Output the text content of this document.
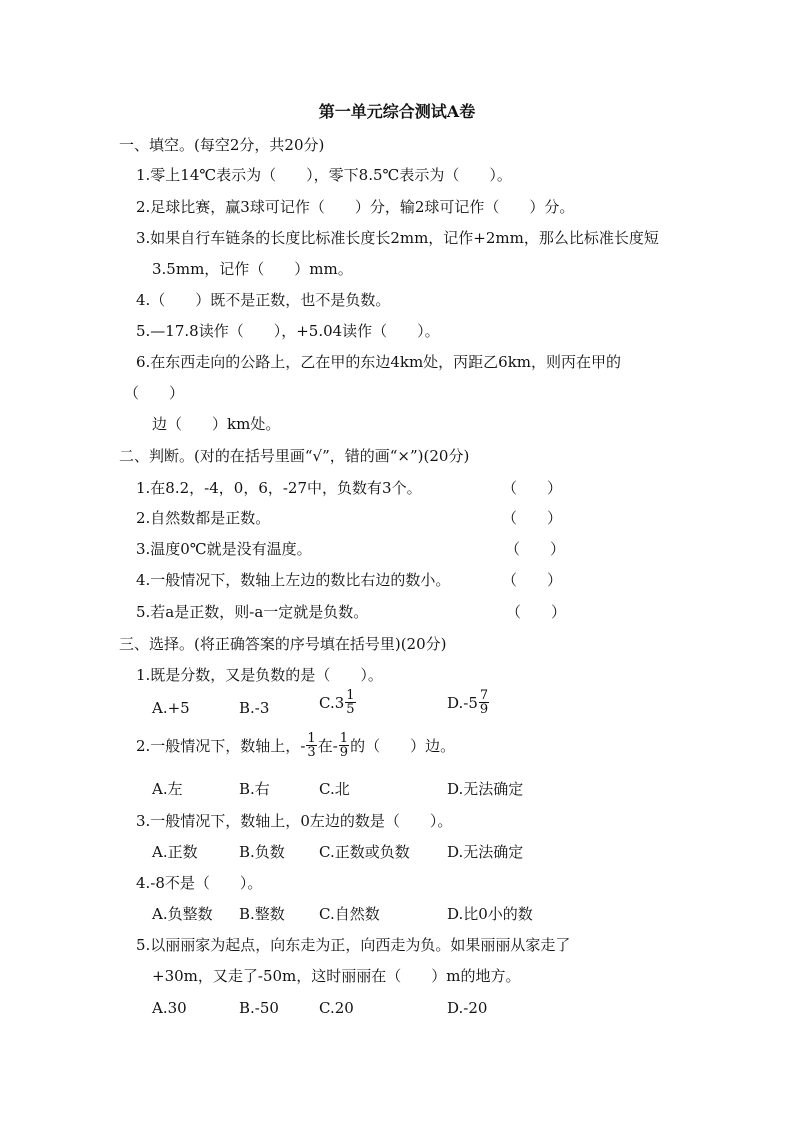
第一单元综合测试A卷
一、填空。(每空2分，共20分)
1.零上14℃表示为（　　），零下8.5℃表示为（　　）。
2.足球比赛，赢3球可记作（　　）分，输2球可记作（　　）分。
3.如果自行车链条的长度比标准长度长2mm，记作+2mm，那么比标准长度短
3.5mm，记作（　　）mm。
4.（　　）既不是正数，也不是负数。
5.—17.8读作（　　），+5.04读作（　　）。
6.在东西走向的公路上，乙在甲的东边4km处，丙距乙6km，则丙在甲的
（　　）
边（　　）km处。
二、判断。(对的在括号里画“√”，错的画“×”)(20分)
1.在8.2，-4，0，6，-27中，负数有3个。	（　　）
2.自然数都是正数。	（　　）
3.温度0℃就是没有温度。	（　　）
4.一般情况下，数轴上左边的数比右边的数小。	（　　）
5.若a是正数，则-a一定就是负数。	（　　）
三、选择。(将正确答案的序号填在括号里)(20分)
1.既是分数，又是负数的是（　　）。
A.+5	B.-3	C. $3 \frac{1}{5}$	D. $-5 \frac{7}{9}$
2.一般情况下，数轴上， - $\frac{1}{3}$ 在 - $\frac{1}{9}$ 的（　　）边。
A.左	B.右	C.北	D.无法确定
3.一般情况下，数轴上，0左边的数是（　　）。
A.正数	B.负数 C.正数或负数 D.无法确定
4.-8不是（　　）。
A.负整数 B.整数 C.自然数	D.比0小的数
5.以丽丽家为起点，向东走为正，向西走为负。如果丽丽从家走了
+30m，又走了-50m，这时丽丽在（　　）m的地方。
A.30	B.-50	C.20	D.-20
